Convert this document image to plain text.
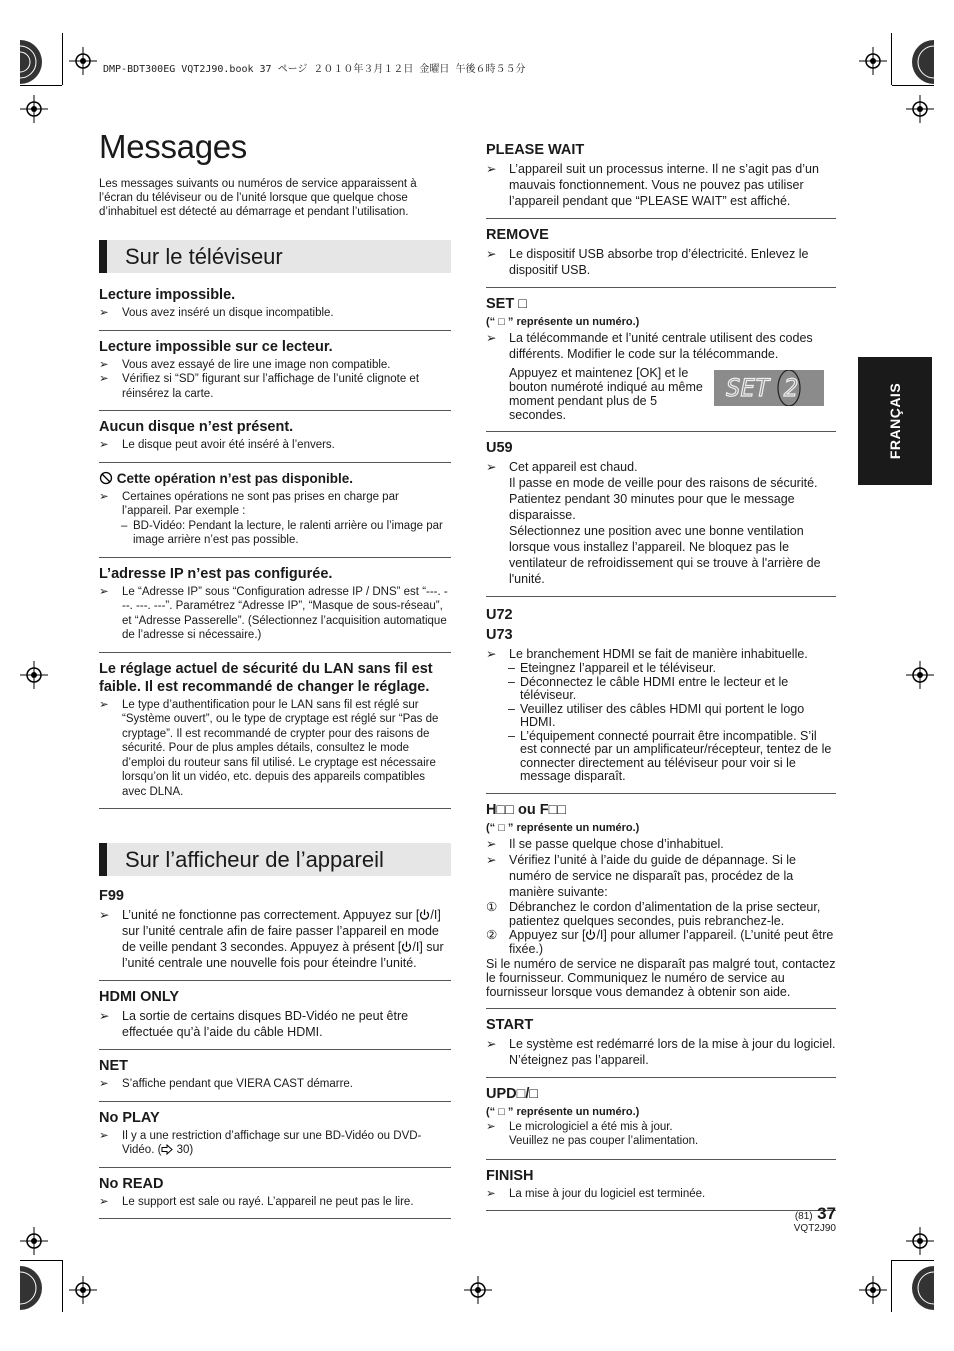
DMP-BDT300EG VQT2J90.book 37 ページ ２０１０年３月１２日 金曜日 午後６時５５分
Messages

Les messages suivants ou numéros de service apparaissent à l’écran du téléviseur ou de l’unité lorsque que quelque chose d’inhabituel est détecté au démarrage et pendant l’utilisation.

Sur le téléviseur
Lecture impossible.

➢	Vous avez inséré un disque incompatible.

Lecture impossible sur ce lecteur.

➢	Vous avez essayé de lire une image non compatible.

➢	Vérifiez si “SD” figurant sur l’affichage de l’unité clignote et réinsérez la carte.

Aucun disque n’est présent.

➢	Le disque peut avoir été inséré à l’envers.

Cette opération n’est pas disponible.

➢	Certaines opérations ne sont pas prises en charge par l’appareil. Par exemple :

– BD-Vidéo: Pendant la lecture, le ralenti arrière ou l’image par image arrière n’est pas possible.

L’adresse IP n’est pas configurée.

➢	Le “Adresse IP” sous “Configuration adresse IP / DNS” est “---. ---. ---. ---”. Paramétrez “Adresse IP”, “Masque de sous-réseau”, et “Adresse Passerelle”. (Sélectionnez l’acquisition automatique de l’adresse si nécessaire.)

Le réglage actuel de sécurité du LAN sans fil est faible. Il est recommandé de changer le réglage.

➢	Le type d’authentification pour le LAN sans fil est réglé sur “Système ouvert”, ou le type de cryptage est réglé sur “Pas de cryptage”. Il est recommandé de crypter pour des raisons de sécurité. Pour de plus amples détails, consultez le mode d’emploi du routeur sans fil utilisé. Le cryptage est nécessaire lorsqu’on lit un vidéo, etc. depuis des appareils compatibles avec DLNA.

Sur l’afficheur de l’appareil
F99

➢	L’unité ne fonctionne pas correctement. Appuyez sur [ /I] sur l’unité centrale afin de faire passer l’appareil en mode de veille pendant 3 secondes. Appuyez à présent [ /I] sur l’unité centrale une nouvelle fois pour éteindre l’unité.

HDMI ONLY

➢	La sortie de certains disques BD-Vidéo ne peut être effectuée qu’à l’aide du câble HDMI.

NET

➢	S’affiche pendant que VIERA CAST démarre.

No PLAY

➢	Il y a une restriction d’affichage sur une BD-Vidéo ou DVD-Vidéo. ( 30)

No READ

➢	Le support est sale ou rayé. L’appareil ne peut pas le lire.

PLEASE WAIT

➢	L’appareil suit un processus interne. Il ne s’agit pas d’un mauvais fonctionnement. Vous ne pouvez pas utiliser l’appareil pendant que “PLEASE WAIT” est affiché.

REMOVE

➢	Le dispositif USB absorbe trop d’électricité. Enlevez le dispositif USB.

SET □
(“ □ ” représente un numéro.)

➢	La télécommande et l’unité centrale utilisent des codes différents. Modifier le code sur la télécommande.

Appuyez et maintenez [OK] et le bouton numéroté indiqué au même moment pendant plus de 5 secondes.
SET 2
U59

➢	Cet appareil est chaud.

Il passe en mode de veille pour des raisons de sécurité. Patientez pendant 30 minutes pour que le message disparaisse.

Sélectionnez une position avec une bonne ventilation lorsque vous installez l’appareil. Ne bloquez pas le ventilateur de refroidissement qui se trouve à l'arrière de l'unité.

U72
U73

➢	Le branchement HDMI se fait de manière inhabituelle.

– Eteingnez l’appareil et le téléviseur.

– Déconnectez le câble HDMI entre le lecteur et le téléviseur.

– Veuillez utiliser des câbles HDMI qui portent le logo HDMI.

– L’équipement connecté pourrait être incompatible. S’il est connecté par un amplificateur/récepteur, tentez de le connecter directement au téléviseur pour voir si le message disparaît.

H□□ ou F□□
(“ □ ” représente un numéro.)

➢	Il se passe quelque chose d’inhabituel.

➢	Vérifiez l’unité à l’aide du guide de dépannage. Si le numéro de service ne disparaît pas, procédez de la manière suivante:

① Débranchez le cordon d’alimentation de la prise secteur, patientez quelques secondes, puis rebranchez-le.

② Appuyez sur [ /I] pour allumer l’appareil. (L’unité peut être fixée.)

Si le numéro de service ne disparaît pas malgré tout, contactez le fournisseur. Communiquez le numéro de service au fournisseur lorsque vous demandez à obtenir son aide.

START

➢	Le système est redémarré lors de la mise à jour du logiciel. N’éteignez pas l’appareil.

UPD□/□
(“ □ ” représente un numéro.)

➢	Le micrologiciel a été mis à jour.

Veuillez ne pas couper l’alimentation.

FINISH

➢	La mise à jour du logiciel est terminée.

FRANÇAIS
(81) 37
VQT2J90
